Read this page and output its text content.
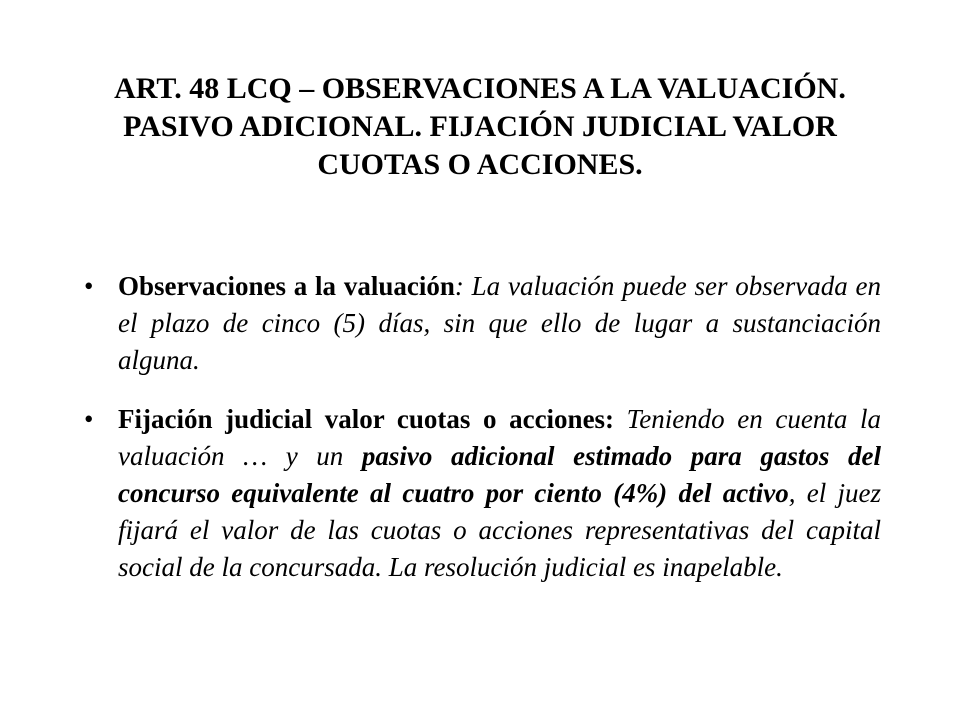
ART. 48 LCQ – OBSERVACIONES A LA VALUACIÓN. PASIVO ADICIONAL. FIJACIÓN JUDICIAL VALOR CUOTAS O ACCIONES.
• Observaciones a la valuación: La valuación puede ser observada en el plazo de cinco (5) días, sin que ello de lugar a sustanciación alguna.
• Fijación judicial valor cuotas o acciones: Teniendo en cuenta la valuación … y un pasivo adicional estimado para gastos del concurso equivalente al cuatro por ciento (4%) del activo, el juez fijará el valor de las cuotas o acciones representativas del capital social de la concursada. La resolución judicial es inapelable.
